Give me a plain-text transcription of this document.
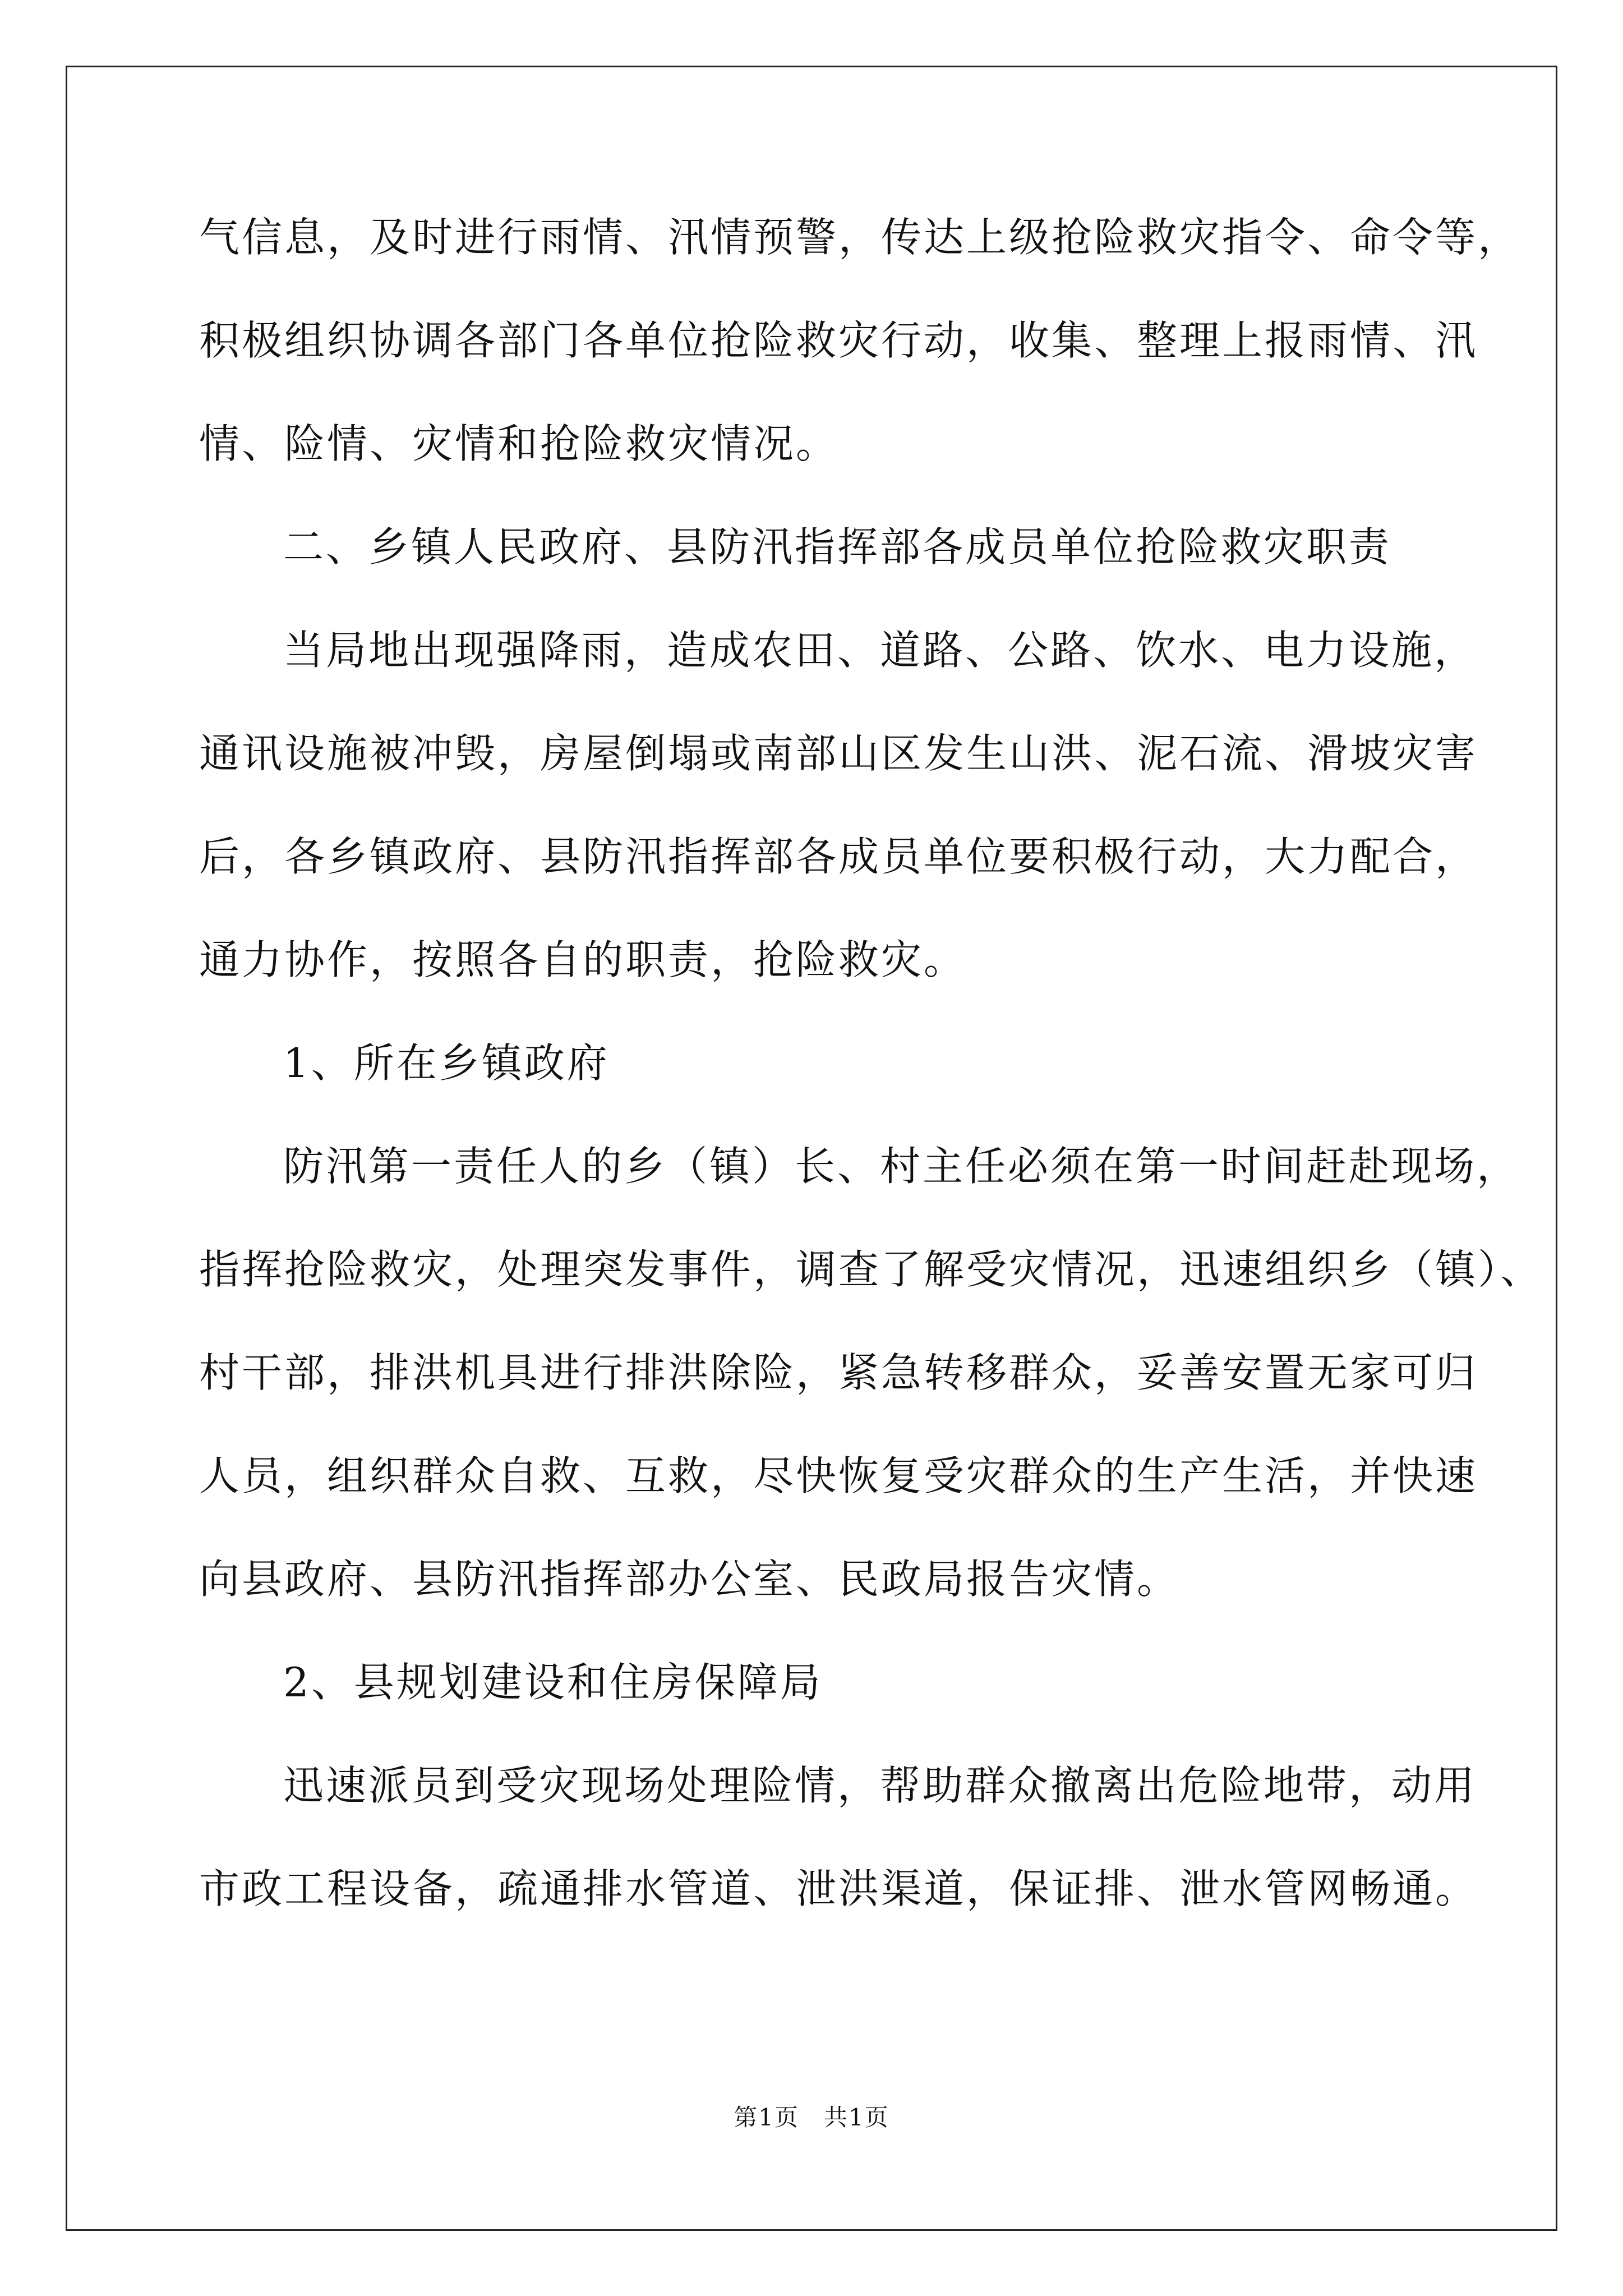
气信息，及时进行雨情、汛情预警，传达上级抢险救灾指令、命令等，
积极组织协调各部门各单位抢险救灾行动，收集、整理上报雨情、汛
情、险情、灾情和抢险救灾情况。
二、乡镇人民政府、县防汛指挥部各成员单位抢险救灾职责
当局地出现强降雨，造成农田、道路、公路、饮水、电力设施，
通讯设施被冲毁，房屋倒塌或南部山区发生山洪、泥石流、滑坡灾害
后，各乡镇政府、县防汛指挥部各成员单位要积极行动，大力配合，
通力协作，按照各自的职责，抢险救灾。
1、所在乡镇政府
防汛第一责任人的乡（镇）长、村主任必须在第一时间赶赴现场，
指挥抢险救灾，处理突发事件，调查了解受灾情况，迅速组织乡（镇）、
村干部，排洪机具进行排洪除险，紧急转移群众，妥善安置无家可归
人员，组织群众自救、互救，尽快恢复受灾群众的生产生活，并快速
向县政府、县防汛指挥部办公室、民政局报告灾情。
2、县规划建设和住房保障局
迅速派员到受灾现场处理险情，帮助群众撤离出危险地带，动用
市政工程设备，疏通排水管道、泄洪渠道，保证排、泄水管网畅通。
第1页　共1页
